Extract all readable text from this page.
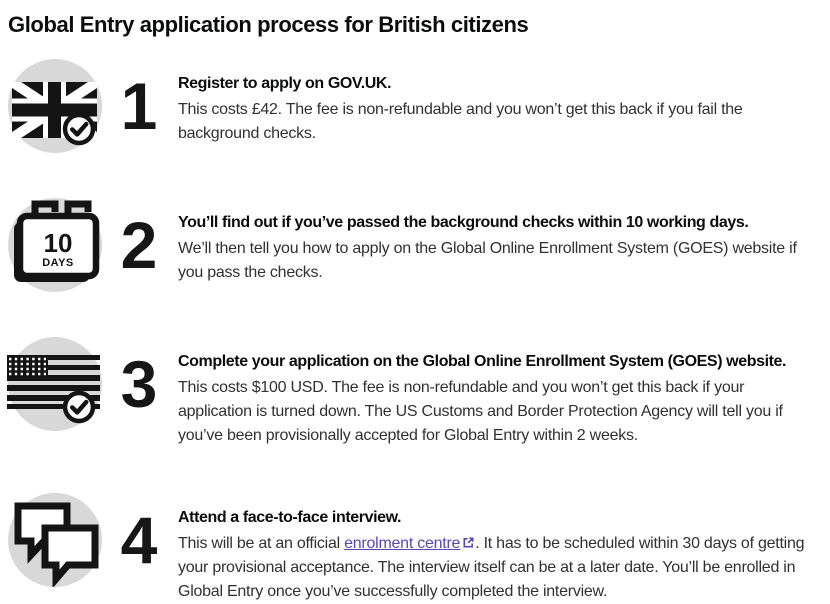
Global Entry application process for British citizens
1	Register to apply on GOV.UK.

This costs £42. The fee is non-refundable and you won’t get this back if you fail the background checks.

10
DAYS 2	You’ll find out if you’ve passed the background checks within 10 working days.

We’ll then tell you how to apply on the Global Online Enrollment System (GOES) website if you pass the checks.

3	Complete your application on the Global Online Enrollment System (GOES) website.

This costs $100 USD. The fee is non-refundable and you won’t get this back if your application is turned down. The US Customs and Border Protection Agency will tell you if you’ve been provisionally accepted for Global Entry within 2 weeks.

4	Attend a face-to-face interview.

This will be at an official enrolment centre . It has to be scheduled within 30 days of getting your provisional acceptance. The interview itself can be at a later date. You’ll be enrolled in Global Entry once you’ve successfully completed the interview.
